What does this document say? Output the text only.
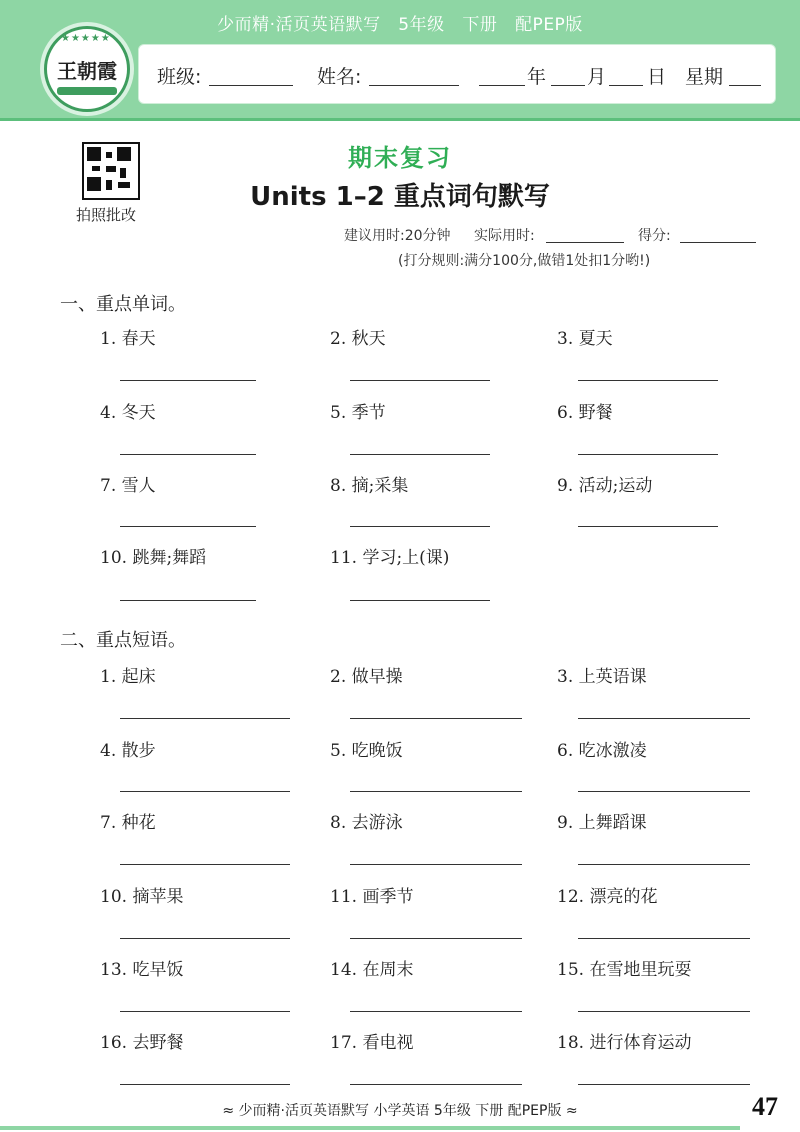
少而精·活页英语默写 5年级 下册 配PEP版
★★★★★
王朝霞	班级:	姓名:	年 月 日 星期
拍照批改
期末复习
Units 1–2 重点词句默写
建议用时:20分钟 实际用时:	得分:
(打分规则:满分100分,做错1处扣1分哟!)
一、重点单词。
1. 春天	2. 秋天	3. 夏天
4. 冬天	5. 季节	6. 野餐
7. 雪人	8. 摘;采集	9. 活动;运动
10. 跳舞;舞蹈	11. 学习;上(课)
二、重点短语。
1. 起床	2. 做早操	3. 上英语课
4. 散步	5. 吃晚饭	6. 吃冰激凌
7. 种花	8. 去游泳	9. 上舞蹈课
10. 摘苹果	11. 画季节	12. 漂亮的花
13. 吃早饭	14. 在周末	15. 在雪地里玩耍
16. 去野餐	17. 看电视	18. 进行体育运动
≈ 少而精·活页英语默写 小学英语 5年级 下册 配PEP版 ≈	47
